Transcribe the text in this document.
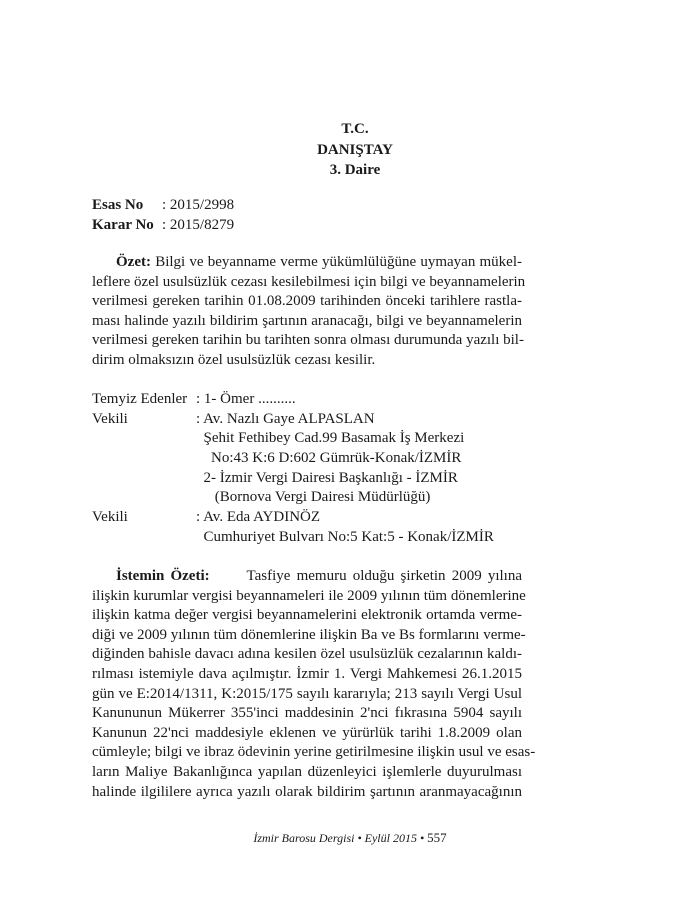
T.C.
DANIŞTAY
3. Daire
Esas No : 2015/2998
Karar No : 2015/8279
Özet: Bilgi ve beyanname verme yükümlülüğüne uymayan mükel-
leflere özel usulsüzlük cezası kesilebilmesi için bilgi ve beyannamelerin
verilmesi gereken tarihin 01.08.2009 tarihinden önceki tarihlere rastla-
ması halinde yazılı bildirim şartının aranacağı, bilgi ve beyannamelerin
verilmesi gereken tarihin bu tarihten sonra olması durumunda yazılı bil-
dirim olmaksızın özel usulsüzlük cezası kesilir.
Temyiz Edenler : 1- Ömer ..........
Vekili	: Av. Nazlı Gaye ALPASLAN
Şehit Fethibey Cad.99 Basamak İş Merkezi
No:43 K:6 D:602 Gümrük-Konak/İZMİR
2- İzmir Vergi Dairesi Başkanlığı - İZMİR
(Bornova Vergi Dairesi Müdürlüğü)
Vekili	: Av. Eda AYDINÖZ
Cumhuriyet Bulvarı No:5 Kat:5 - Konak/İZMİR
İstemin Özeti: Tasfiye memuru olduğu şirketin 2009 yılına
ilişkin kurumlar vergisi beyannameleri ile 2009 yılının tüm dönemlerine
ilişkin katma değer vergisi beyannamelerini elektronik ortamda verme-
diği ve 2009 yılının tüm dönemlerine ilişkin Ba ve Bs formlarını verme-
diğinden bahisle davacı adına kesilen özel usulsüzlük cezalarının kaldı-
rılması istemiyle dava açılmıştır. İzmir 1. Vergi Mahkemesi 26.1.2015
gün ve E:2014/1311, K:2015/175 sayılı kararıyla; 213 sayılı Vergi Usul
Kanununun Mükerrer 355'inci maddesinin 2'nci fıkrasına 5904 sayılı
Kanunun 22'nci maddesiyle eklenen ve yürürlük tarihi 1.8.2009 olan
cümleyle; bilgi ve ibraz ödevinin yerine getirilmesine ilişkin usul ve esas-
ların Maliye Bakanlığınca yapılan düzenleyici işlemlerle duyurulması
halinde ilgililere ayrıca yazılı olarak bildirim şartının aranmayacağının
İzmir Barosu Dergisi • Eylül 2015 • 557
